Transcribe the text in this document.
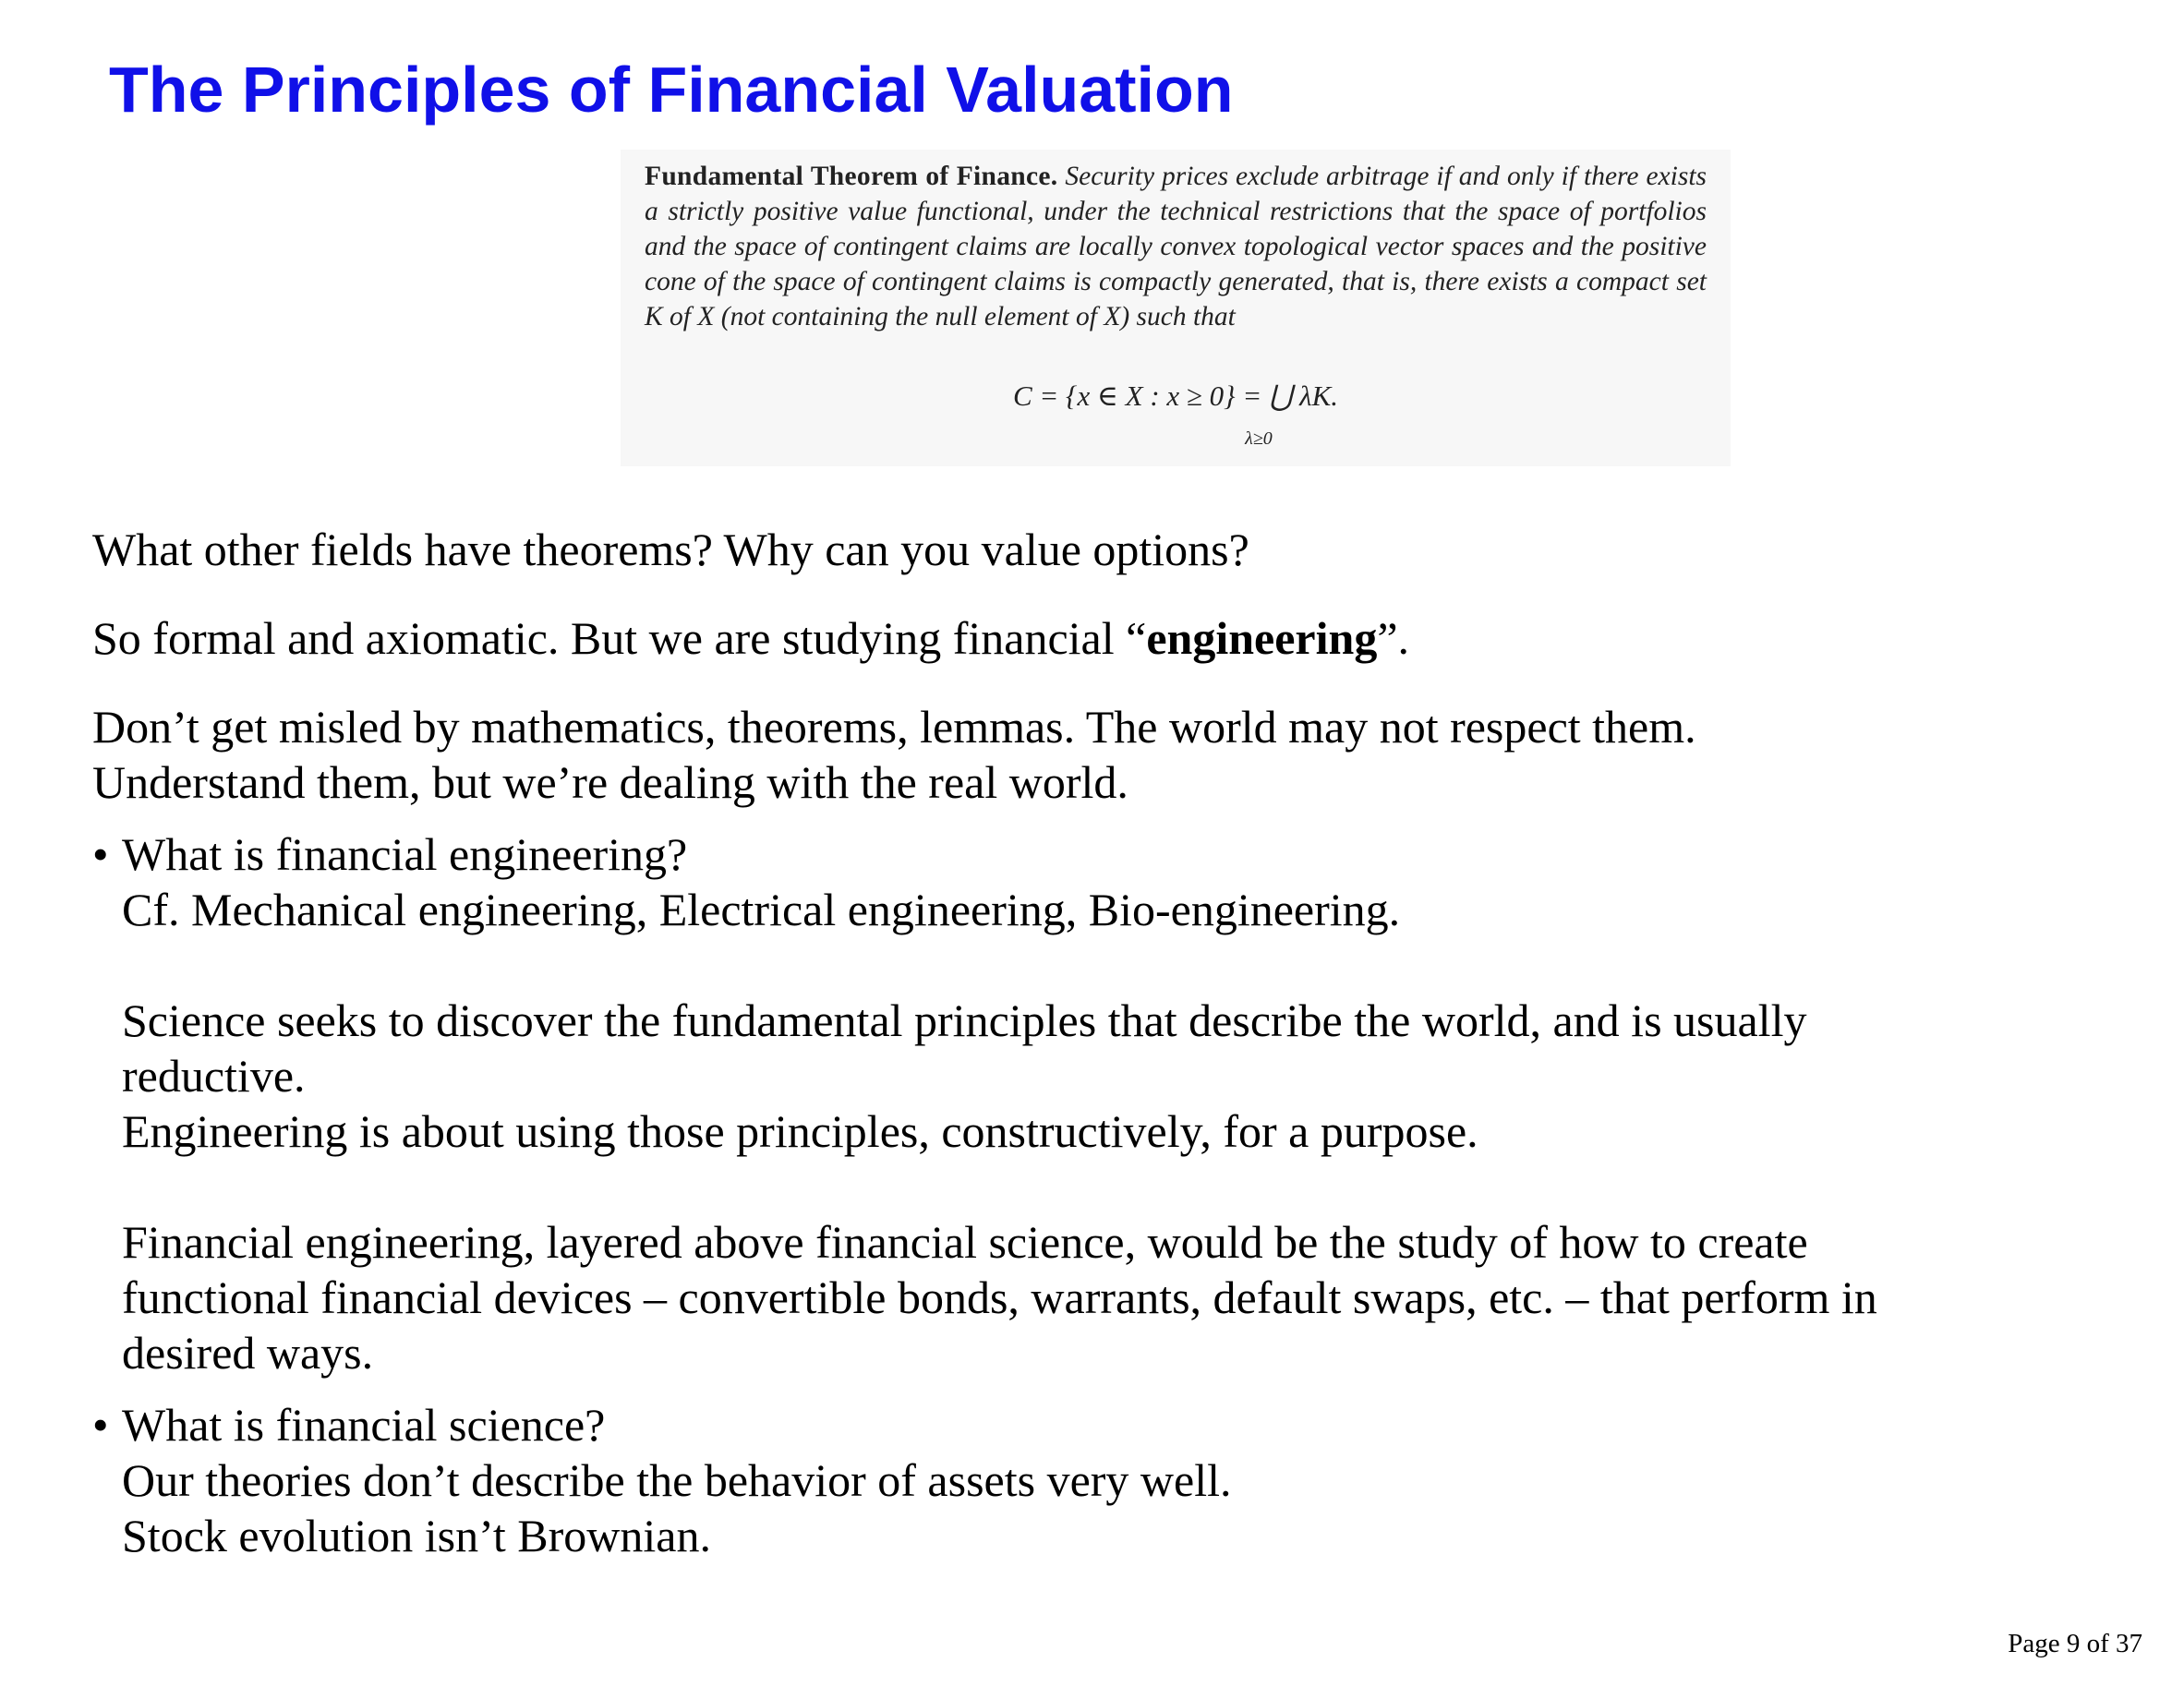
The Principles of Financial Valuation

Fundamental Theorem of Finance. Security prices exclude arbitrage if and only if there exists a strictly positive value functional, under the technical restrictions that the space of portfolios and the space of contingent claims are locally convex topological vector spaces and the positive cone of the space of contingent claims is compactly generated, that is, there exists a compact set K of X (not containing the null element of X) such that

C = {x ∈ X : x ≥ 0} = ⋃ λK.
λ≥0

What other fields have theorems? Why can you value options?

So formal and axiomatic. But we are studying financial “engineering”.

Don’t get misled by mathematics, theorems, lemmas. The world may not respect them.
Understand them, but we’re dealing with the real world.

• What is financial engineering?
Cf. Mechanical engineering, Electrical engineering, Bio-engineering.
Science seeks to discover the fundamental principles that describe the world, and is usually
reductive.
Engineering is about using those principles, constructively, for a purpose.
Financial engineering, layered above financial science, would be the study of how to create
functional financial devices – convertible bonds, warrants, default swaps, etc. – that perform in
desired ways.
• What is financial science?
Our theories don’t describe the behavior of assets very well.
Stock evolution isn’t Brownian.
Page 9 of 37
